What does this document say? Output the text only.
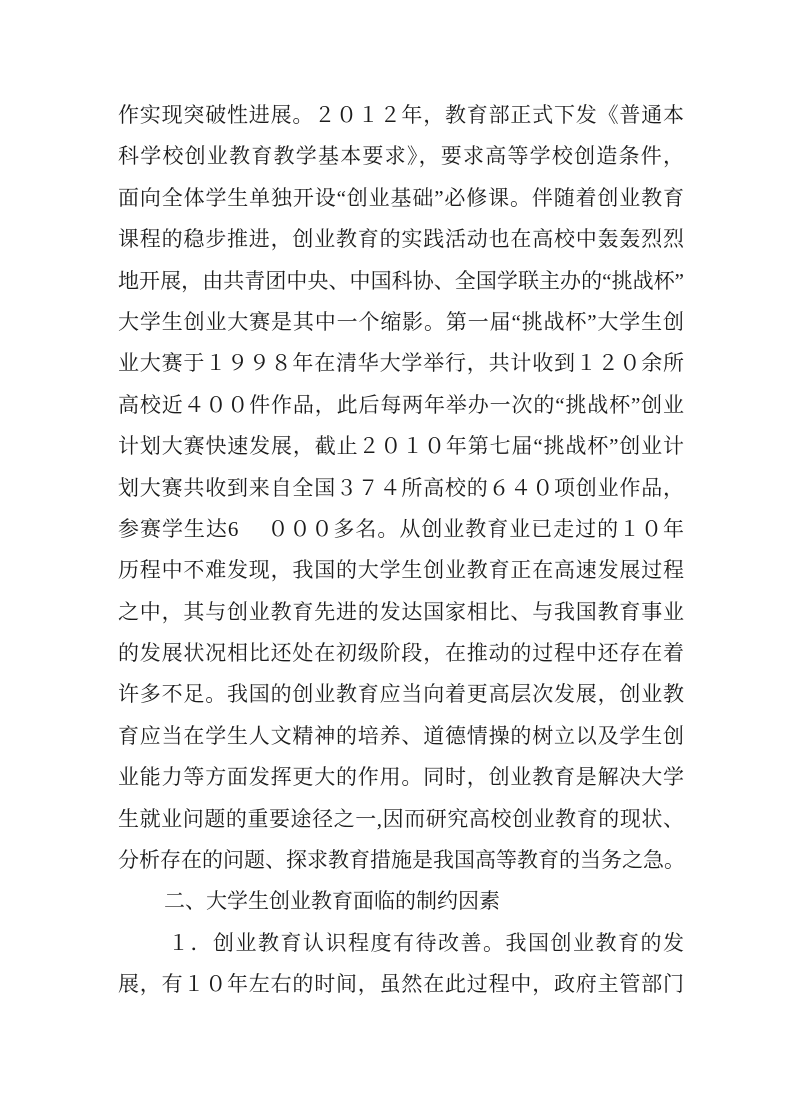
作实现突破性进展。２０１２年，教育部正式下发《普通本
科学校创业教育教学基本要求》，要求高等学校创造条件，
面向全体学生单独开设“创业基础”必修课。伴随着创业教育
课程的稳步推进，创业教育的实践活动也在高校中轰轰烈烈
地开展，由共青团中央、中国科协、全国学联主办的“挑战杯”
大学生创业大赛是其中一个缩影。第一届“挑战杯”大学生创
业大赛于１９９８年在清华大学举行，共计收到１２０余所
高校近４００件作品，此后每两年举办一次的“挑战杯”创业
计划大赛快速发展，截止２０１０年第七届“挑战杯”创业计
划大赛共收到来自全国３７４所高校的６４０项创业作品，
参赛学生达6　 ０００多名。从创业教育业已走过的１０年
历程中不难发现，我国的大学生创业教育正在高速发展过程
之中，其与创业教育先进的发达国家相比、与我国教育事业
的发展状况相比还处在初级阶段，在推动的过程中还存在着
许多不足。我国的创业教育应当向着更高层次发展，创业教
育应当在学生人文精神的培养、道德情操的树立以及学生创
业能力等方面发挥更大的作用。同时，创业教育是解决大学
生就业问题的重要途径之一,因而研究高校创业教育的现状、
分析存在的问题、探求教育措施是我国高等教育的当务之急。
二、大学生创业教育面临的制约因素
１．创业教育认识程度有待改善。我国创业教育的发
展，有１０年左右的时间，虽然在此过程中，政府主管部门
